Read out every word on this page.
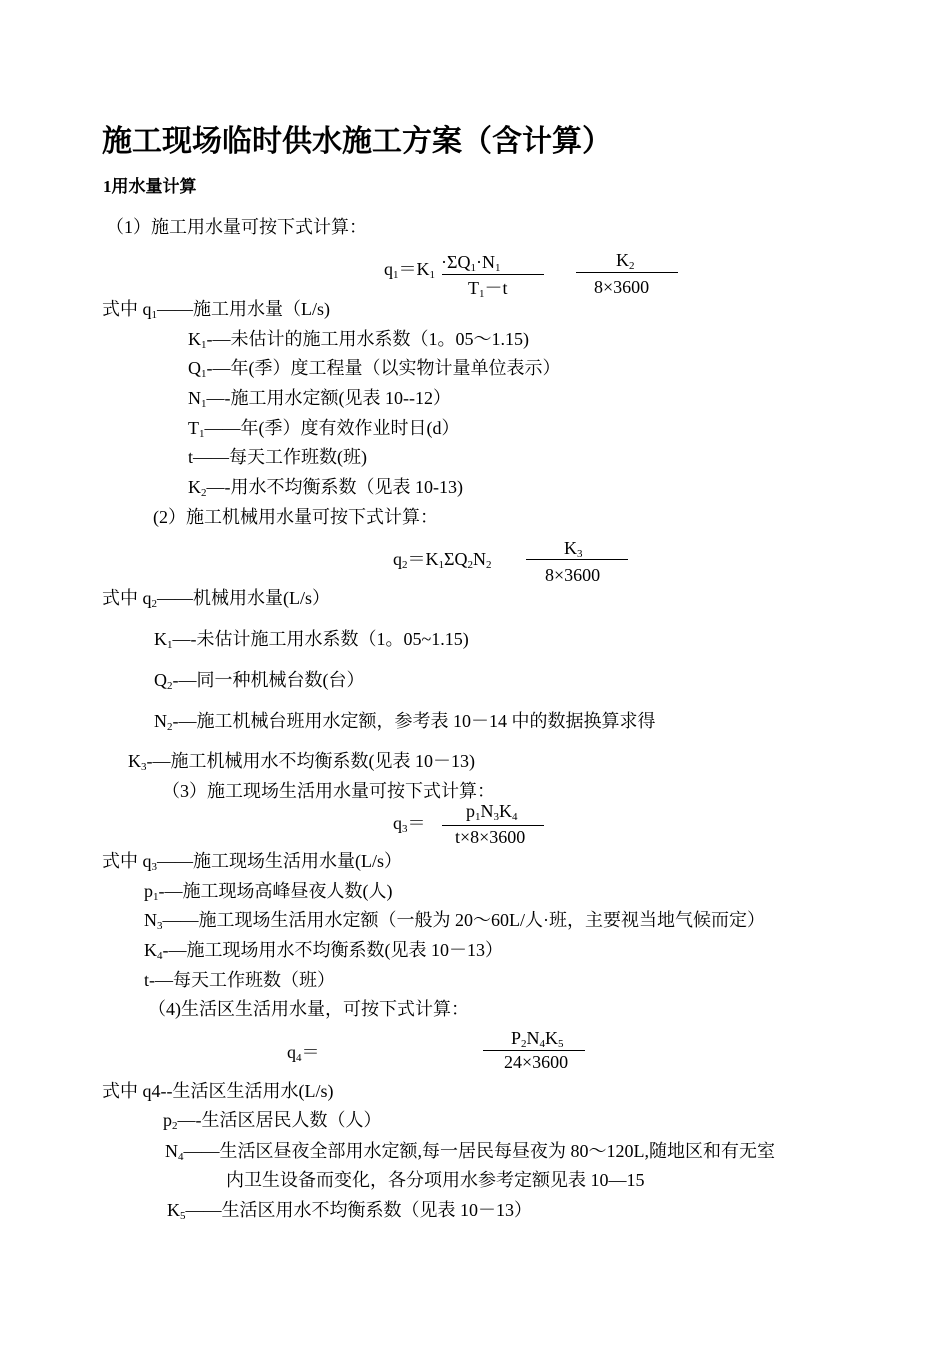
施工现场临时供水施工方案（含计算）
1用水量计算
（1）施工用水量可按下式计算：
$q_1=K_1$
$\cdot\Sigma Q_1\cdot N_1$
$T_1-t$
$K_2$
8×3600
式中 $q_1——$施工用水量（L/s)
$K_1-—$未估计的施工用水系数（1。05～1.15)
$Q_1-—$年(季）度工程量（以实物计量单位表示）
$N_1—-$施工用水定额(见表 10--12）
$T_1——$年(季）度有效作业时日(d）
t——每天工作班数(班)
$K_2—-$用水不均衡系数（见表 10-13)
(2）施工机械用水量可按下式计算：
$q_2=K_1\Sigma Q_2N_2$
$K_3$
8×3600
式中 $q_2——$机械用水量(L/s）
$K_1—-$未估计施工用水系数（1。05~1.15)
$Q_2-—$同一种机械台数(台）
$N_2-—$施工机械台班用水定额，参考表 10－14 中的数据换算求得
$K_3-—$施工机械用水不均衡系数(见表 10－13)
（3）施工现场生活用水量可按下式计算：
$q_3=$
$p_1N_3K_4$
t×8×3600
式中 $q_3——$施工现场生活用水量(L/s）
$p_1-—$施工现场高峰昼夜人数(人)
$N_3——$施工现场生活用水定额（一般为 20～60L/人·班，主要视当地气候而定）
$K_4-—$施工现场用水不均衡系数(见表 10－13）
t-—每天工作班数（班）
（4)生活区生活用水量，可按下式计算：
$q_4=$
$P_2N_4K_5$
24×3600
式中 q4--生活区生活用水(L/s)
$p_2—-$生活区居民人数（人）
$N_4——$生活区昼夜全部用水定额,每一居民每昼夜为 80～120L,随地区和有无室
内卫生设备而变化，各分项用水参考定额见表 10—15
$K_5——$生活区用水不均衡系数（见表 10－13）
